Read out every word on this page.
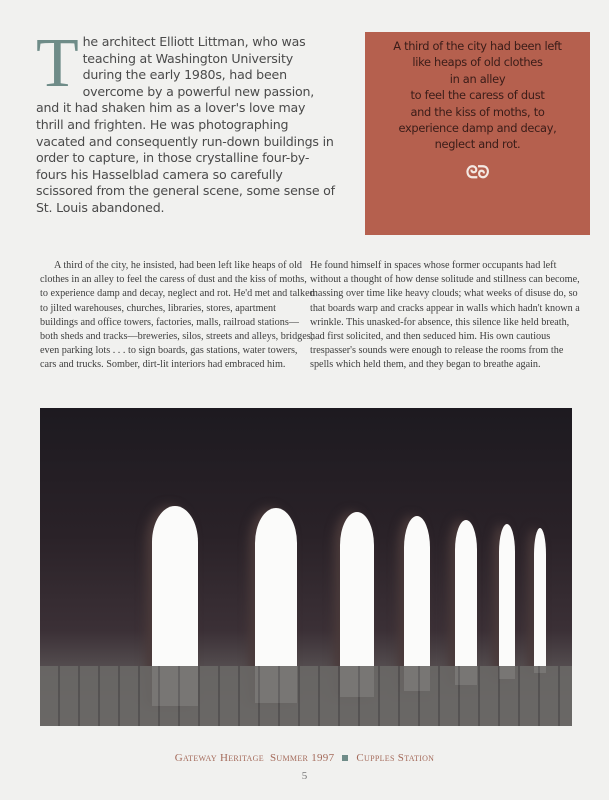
The architect Elliott Littman, who was teaching at Washington University during the early 1980s, had been overcome by a powerful new passion, and it had shaken him as a lover's love may thrill and frighten. He was photographing vacated and consequently run-down buildings in order to capture, in those crystalline four-by-fours his Hasselblad camera so carefully scissored from the general scene, some sense of St. Louis abandoned.
A third of the city had been left
like heaps of old clothes
in an alley
to feel the caress of dust
and the kiss of moths, to
experience damp and decay,
neglect and rot.
ᘓᘐ
A third of the city, he insisted, had been left like heaps of old clothes in an alley to feel the caress of dust and the kiss of moths, to experience damp and decay, neglect and rot. He'd met and talked to jilted warehouses, churches, libraries, stores, apartment buildings and office towers, factories, malls, railroad stations—both sheds and tracks—breweries, silos, streets and alleys, bridges, even parking lots . . . to sign boards, gas stations, water towers, cars and trucks. Somber, dirt-lit interiors had embraced him.
He found himself in spaces whose former occupants had left without a thought of how dense solitude and stillness can become, massing over time like heavy clouds; what weeks of disuse do, so that boards warp and cracks appear in walls which hadn't known a wrinkle. This unasked-for absence, this silence like held breath, had first solicited, and then seduced him. His own cautious trespasser's sounds were enough to release the rooms from the spells which held them, and they began to breathe again.
Gateway Heritage Summer 1997 Cupples Station
5
